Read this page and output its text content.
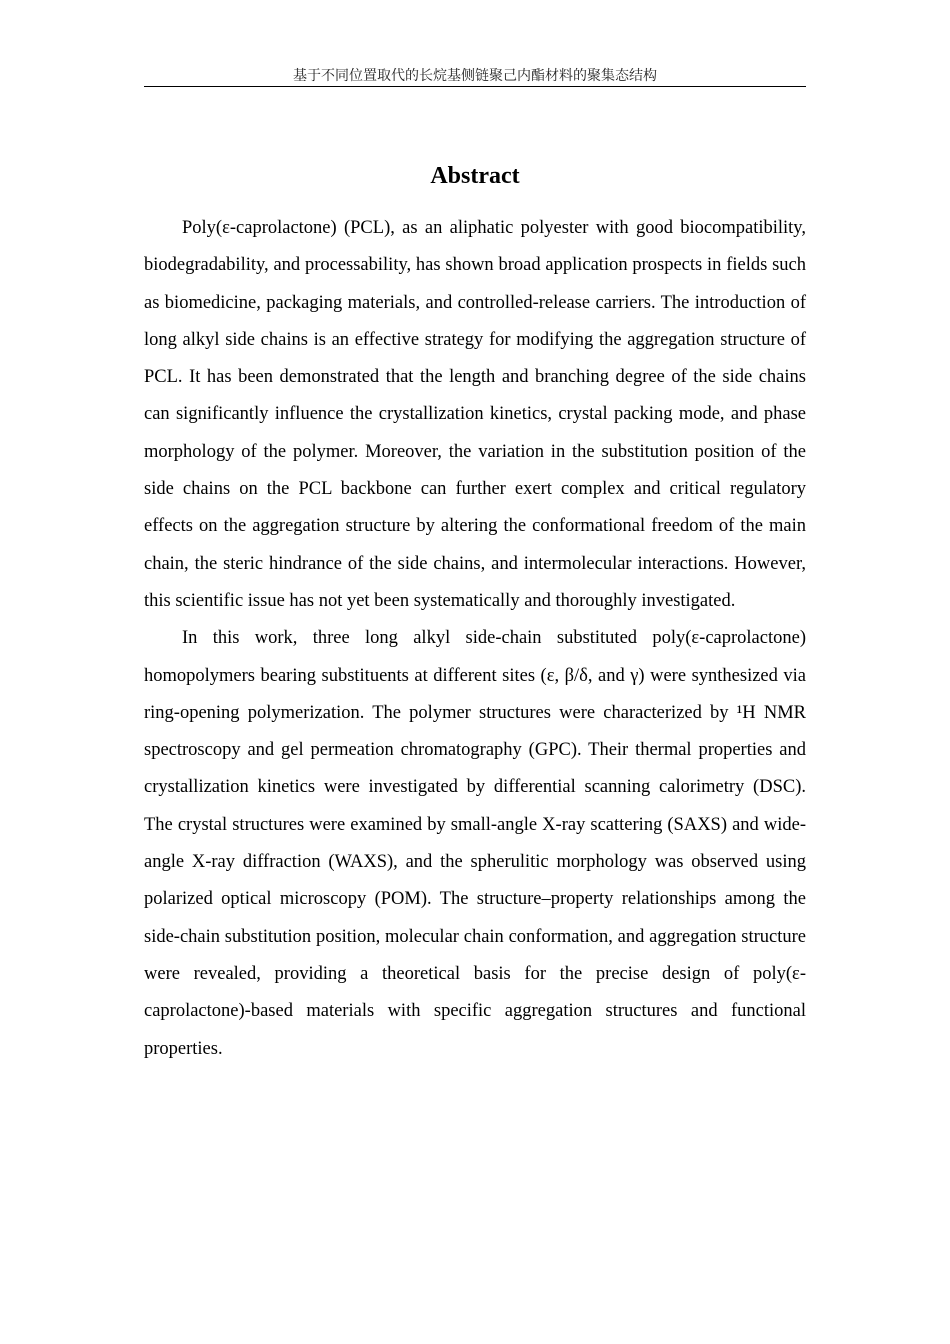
基于不同位置取代的长烷基侧链聚己内酯材料的聚集态结构
Abstract

Poly(ε-caprolactone) (PCL), as an aliphatic polyester with good biocompatibility, biodegradability, and processability, has shown broad application prospects in fields such as biomedicine, packaging materials, and controlled-release carriers. The introduction of long alkyl side chains is an effective strategy for modifying the aggregation structure of PCL. It has been demonstrated that the length and branching degree of the side chains can significantly influence the crystallization kinetics, crystal packing mode, and phase morphology of the polymer. Moreover, the variation in the substitution position of the side chains on the PCL backbone can further exert complex and critical regulatory effects on the aggregation structure by altering the conformational freedom of the main chain, the steric hindrance of the side chains, and intermolecular interactions. However, this scientific issue has not yet been systematically and thoroughly investigated.

In this work, three long alkyl side-chain substituted poly(ε-caprolactone) homopolymers bearing substituents at different sites (ε, β/δ, and γ) were synthesized via ring-opening polymerization. The polymer structures were characterized by ¹H NMR spectroscopy and gel permeation chromatography (GPC). Their thermal properties and crystallization kinetics were investigated by differential scanning calorimetry (DSC). The crystal structures were examined by small-angle X-ray scattering (SAXS) and wide-angle X-ray diffraction (WAXS), and the spherulitic morphology was observed using polarized optical microscopy (POM). The structure–property relationships among the side-chain substitution position, molecular chain conformation, and aggregation structure were revealed, providing a theoretical basis for the precise design of poly(ε-caprolactone)-based materials with specific aggregation structures and functional properties.
